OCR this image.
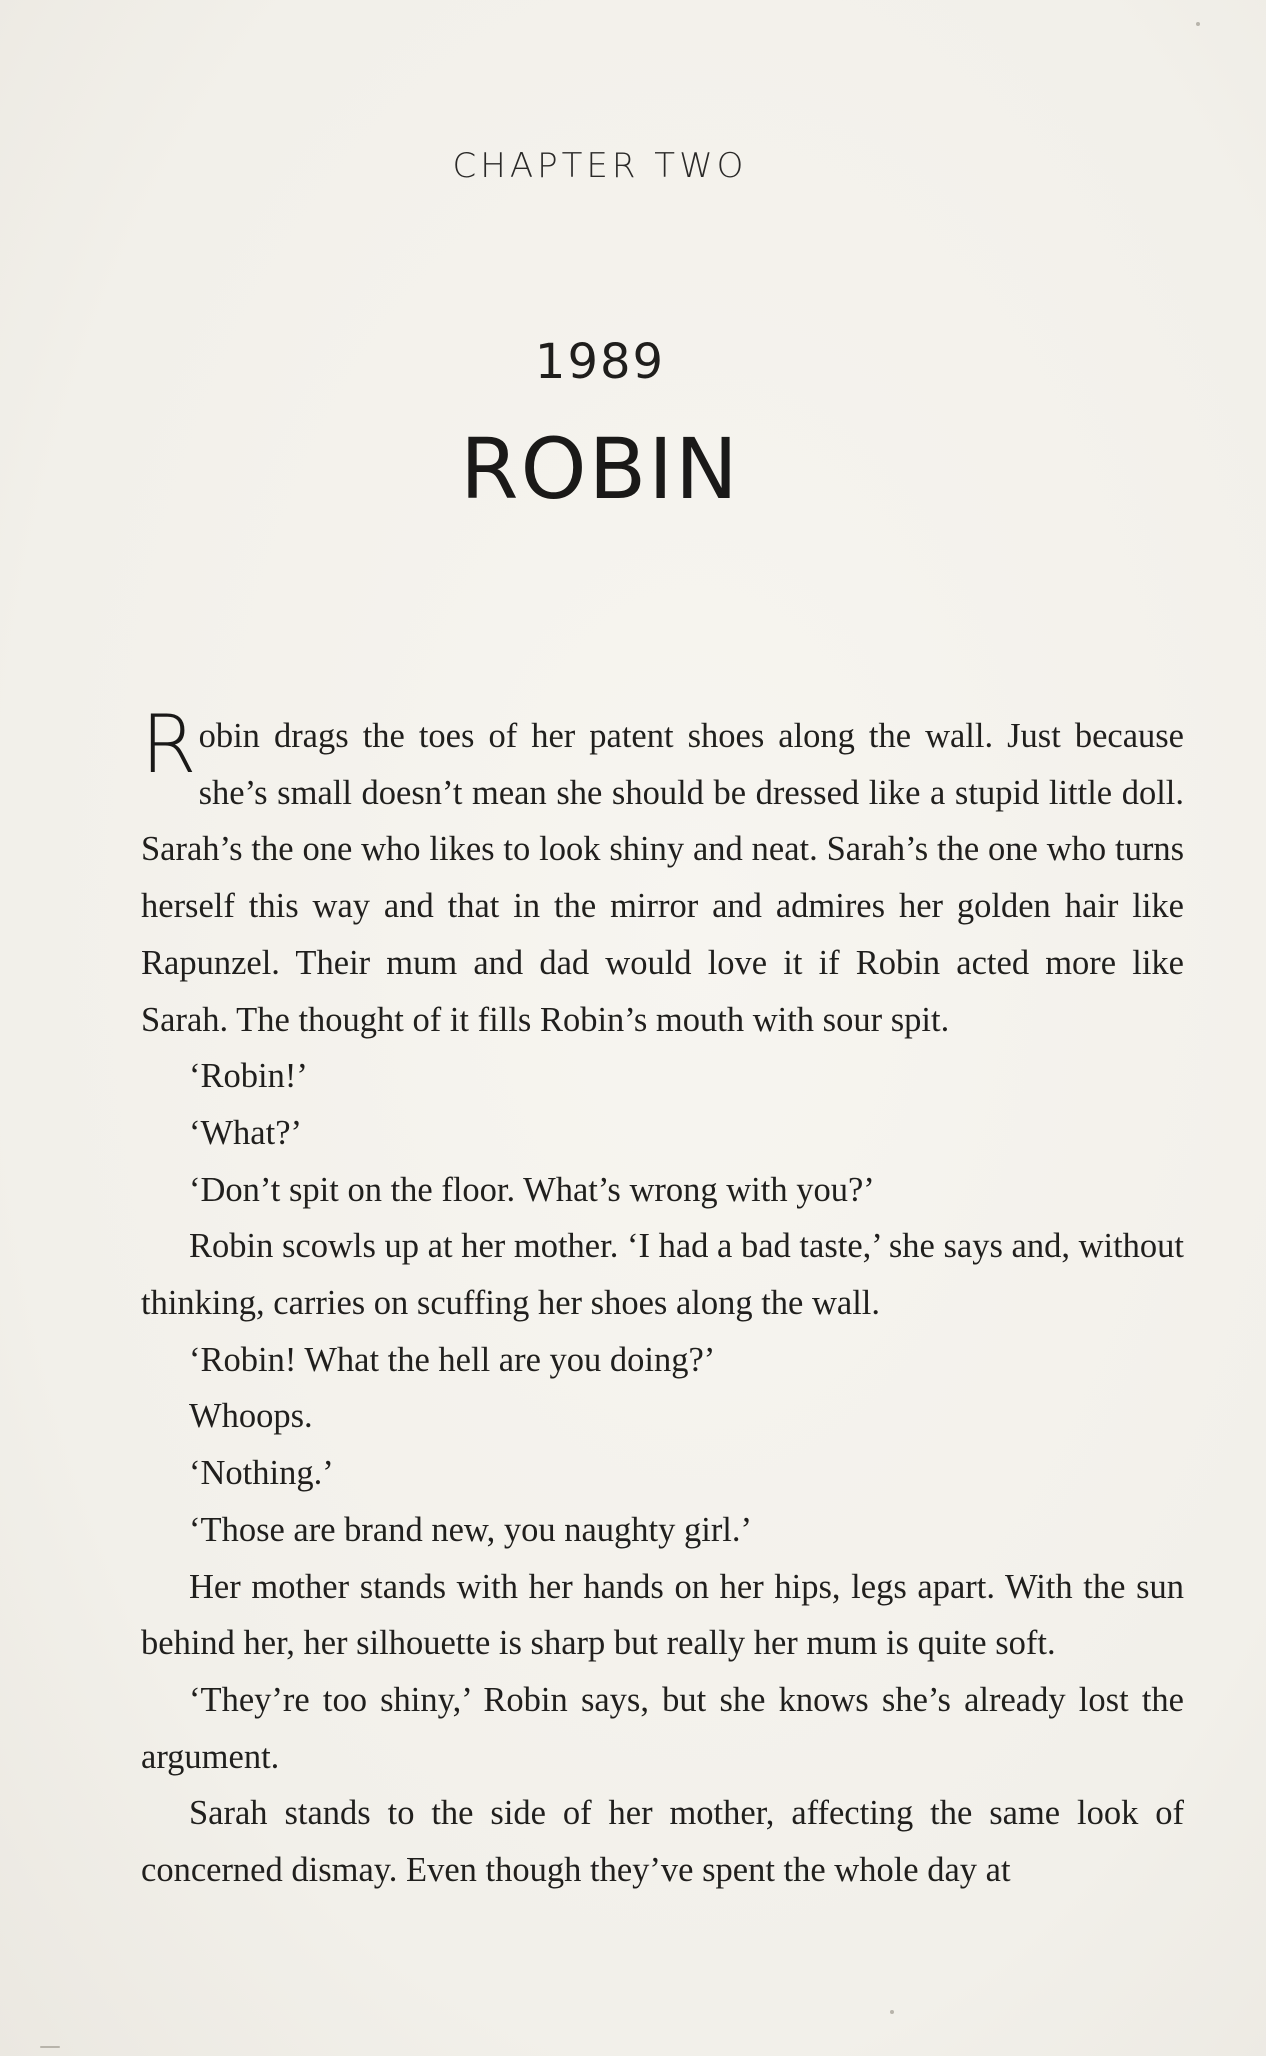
CHAPTER TWO
1989
ROBIN

Robin drags the toes of her patent shoes along the wall. Just because she’s small doesn’t mean she should be dressed like a stupid little doll. Sarah’s the one who likes to look shiny and neat. Sarah’s the one who turns herself this way and that in the mirror and admires her golden hair like Rapunzel. Their mum and dad would love it if Robin acted more like Sarah. The thought of it fills Robin’s mouth with sour spit.

‘Robin!’

‘What?’

‘Don’t spit on the floor. What’s wrong with you?’

Robin scowls up at her mother. ‘I had a bad taste,’ she says and, without thinking, carries on scuffing her shoes along the wall.

‘Robin! What the hell are you doing?’

Whoops.

‘Nothing.’

‘Those are brand new, you naughty girl.’

Her mother stands with her hands on her hips, legs apart. With the sun behind her, her silhouette is sharp but really her mum is quite soft.

‘They’re too shiny,’ Robin says, but she knows she’s already lost the argument.

Sarah stands to the side of her mother, affecting the same look of concerned dismay. Even though they’ve spent the whole day at
